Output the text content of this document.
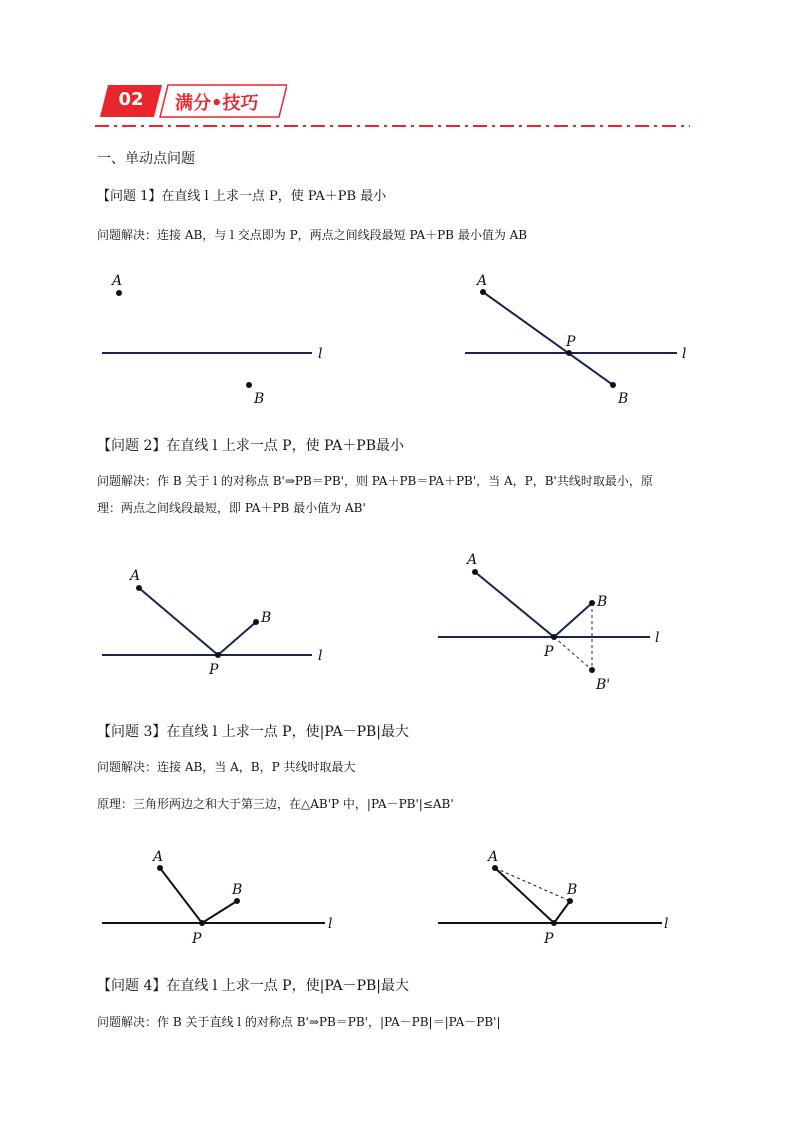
02	满分•技巧
一、单动点问题
【问题 1】在直线 l 上求一点 P，使 PA＋PB 最小
问题解决：连接 AB，与 l 交点即为 P，两点之间线段最短 PA＋PB 最小值为 AB
A
B
l
A
P
B
l
【问题 2】在直线 l 上求一点 P，使 PA＋PB最小
问题解决：作 B 关于 l 的对称点 B'⇒PB＝PB'，则 PA＋PB＝PA＋PB'，当 A，P，B'共线时取最小，原
理：两点之间线段最短，即 PA＋PB 最小值为 AB'
A
B
P
l
A
B
P
B'
l
【问题 3】在直线 l 上求一点 P，使|PA－PB|最大
问题解决：连接 AB，当 A，B，P 共线时取最大
原理：三角形两边之和大于第三边，在△AB'P 中，|PA－PB'|≤AB'
A
B
P
l
A
B
P
l
【问题 4】在直线 l 上求一点 P，使|PA－PB|最大
问题解决：作 B 关于直线 l 的对称点 B'⇒PB＝PB'，|PA－PB|＝|PA－PB'|
